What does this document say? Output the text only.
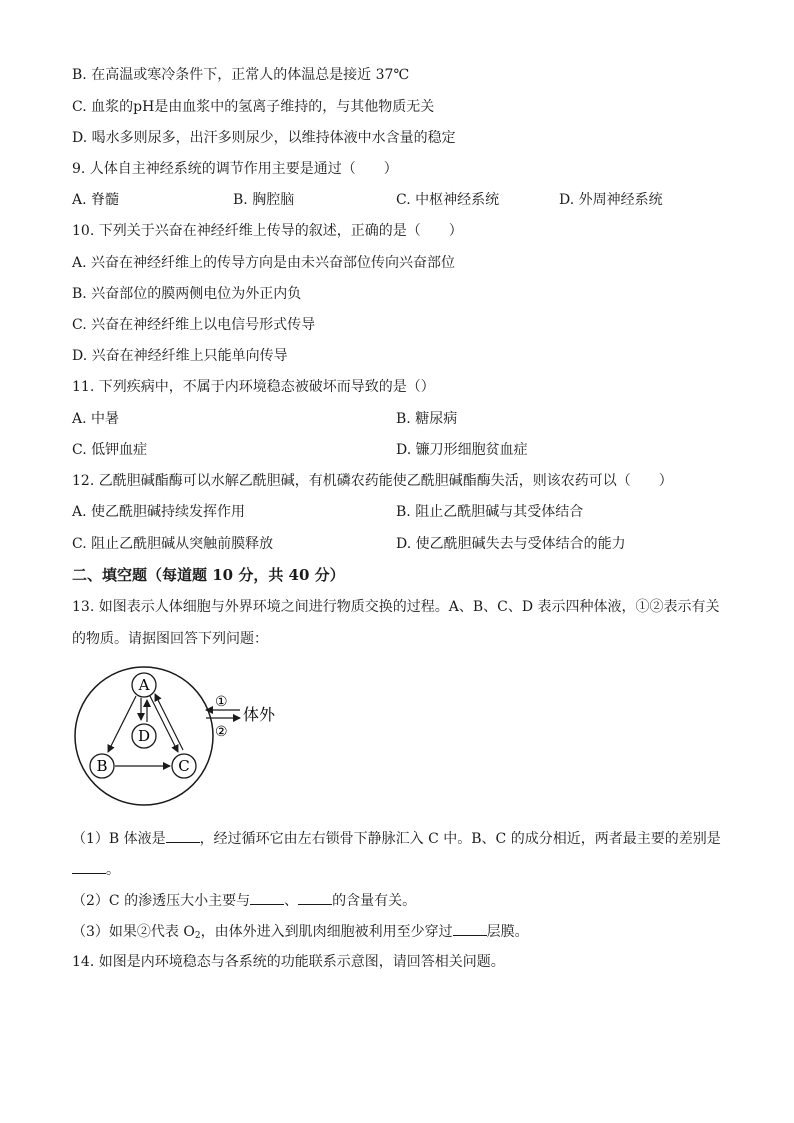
B. 在高温或寒冷条件下，正常人的体温总是接近 37℃
C. 血浆的pH是由血浆中的氢离子维持的，与其他物质无关
D. 喝水多则尿多，出汗多则尿少，以维持体液中水含量的稳定
9. 人体自主神经系统的调节作用主要是通过（　　）
A. 脊髓	B. 胸腔脑	C. 中枢神经系统	D. 外周神经系统
10. 下列关于兴奋在神经纤维上传导的叙述，正确的是（　　）
A. 兴奋在神经纤维上的传导方向是由未兴奋部位传向兴奋部位
B. 兴奋部位的膜两侧电位为外正内负
C. 兴奋在神经纤维上以电信号形式传导
D. 兴奋在神经纤维上只能单向传导
11. 下列疾病中，不属于内环境稳态被破坏而导致的是（）
A. 中暑	B. 糖尿病
C. 低钾血症	D. 镰刀形细胞贫血症
12. 乙酰胆碱酯酶可以水解乙酰胆碱，有机磷农药能使乙酰胆碱酯酶失活，则该农药可以（　　）
A. 使乙酰胆碱持续发挥作用	B. 阻止乙酰胆碱与其受体结合
C. 阻止乙酰胆碱从突触前膜释放	D. 使乙酰胆碱失去与受体结合的能力
二、填空题（每道题 10 分，共 40 分）
13. 如图表示人体细胞与外界环境之间进行物质交换的过程。A、B、C、D 表示四种体液，①②表示有关
的物质。请据图回答下列问题：
A
D
B	C
①
②
体外
（1）B 体液是 ，经过循环它由左右锁骨下静脉汇入 C 中。B、C 的成分相近，两者最主要的差别是
。
（2）C 的渗透压大小主要与 、 的含量有关。
（3）如果②代表 $O_2$，由体外进入到肌肉细胞被利用至少穿过 层膜。
14. 如图是内环境稳态与各系统的功能联系示意图，请回答相关问题。
